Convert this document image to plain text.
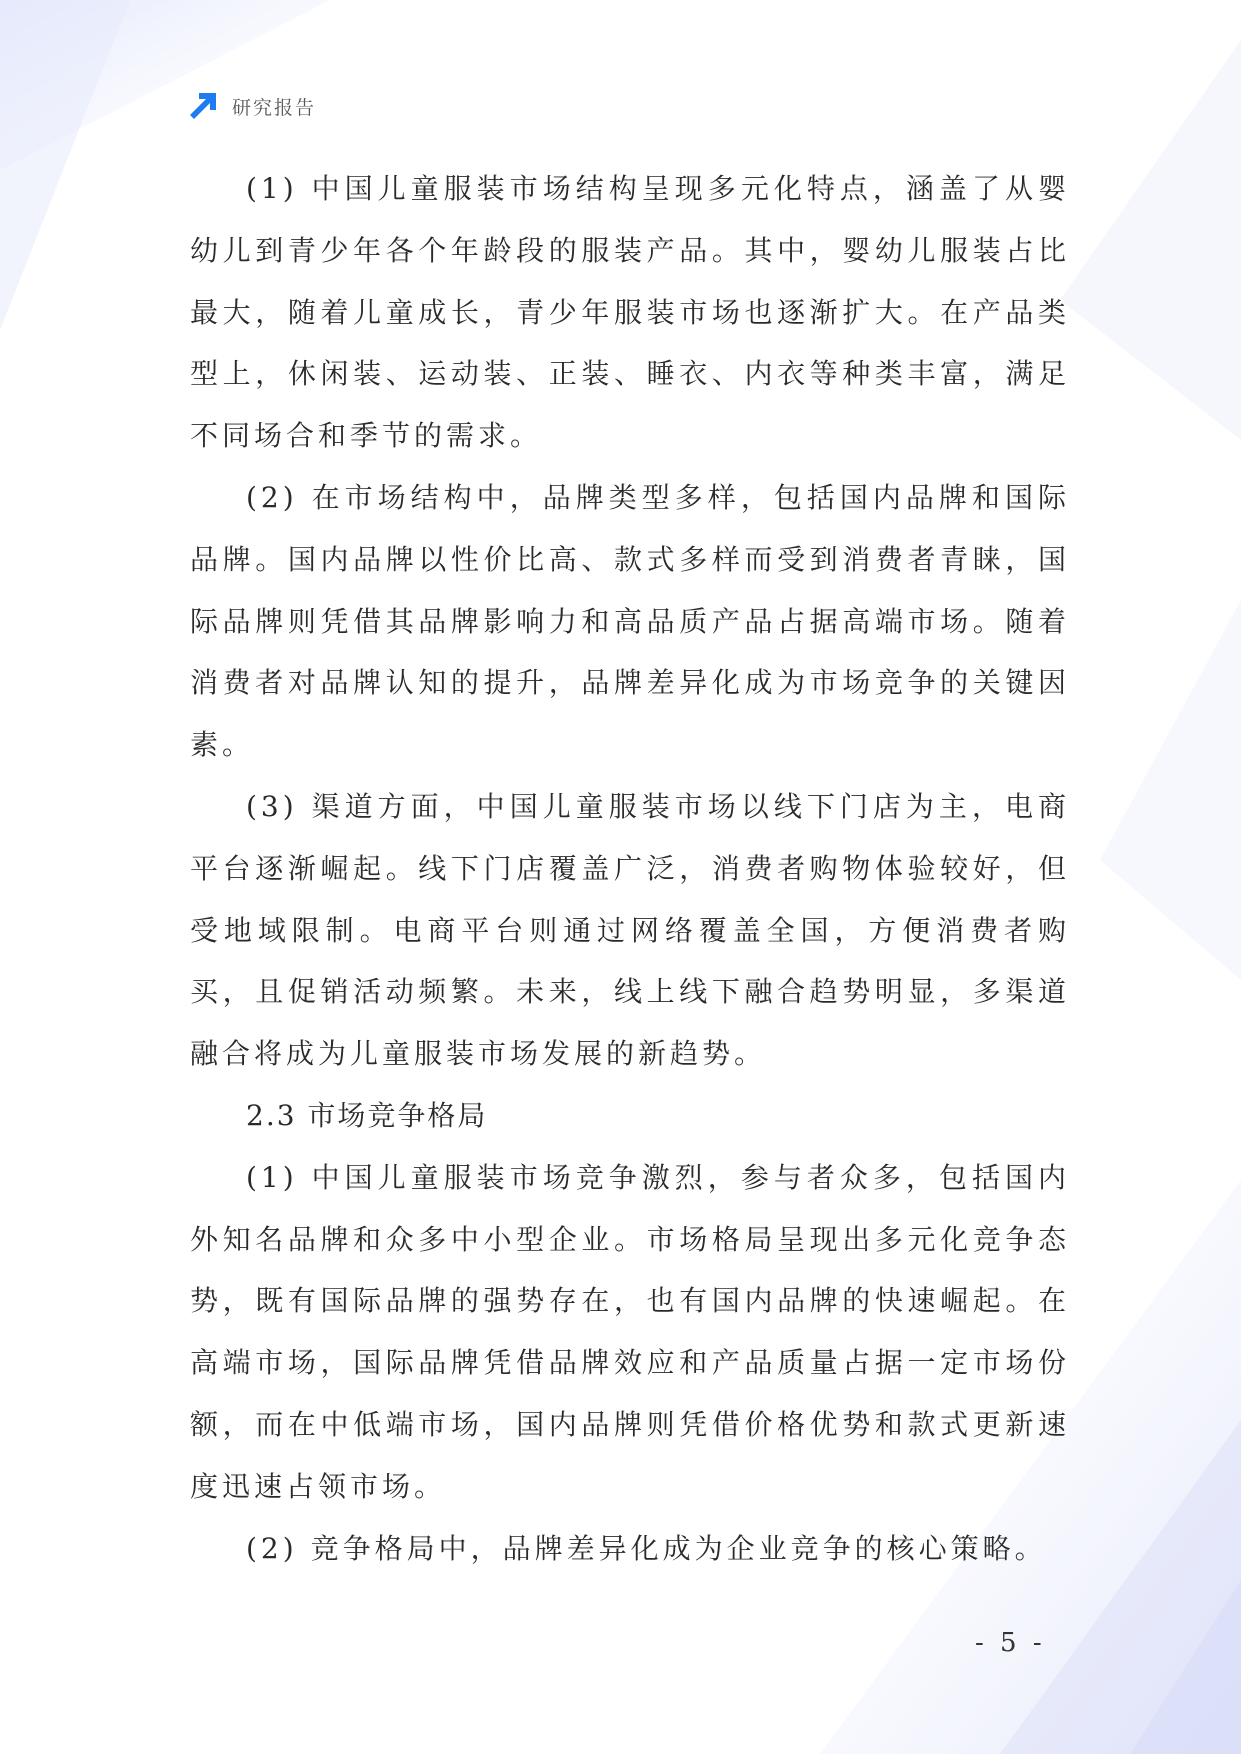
研究报告

(1) 中国儿童服装市场结构呈现多元化特点，涵盖了从婴幼儿到青少年各个年龄段的服装产品。其中，婴幼儿服装占比最大，随着儿童成长，青少年服装市场也逐渐扩大。在产品类型上，休闲装、运动装、正装、睡衣、内衣等种类丰富，满足不同场合和季节的需求。

(2) 在市场结构中，品牌类型多样，包括国内品牌和国际品牌。国内品牌以性价比高、款式多样而受到消费者青睐，国际品牌则凭借其品牌影响力和高品质产品占据高端市场。随着消费者对品牌认知的提升，品牌差异化成为市场竞争的关键因素。

(3) 渠道方面，中国儿童服装市场以线下门店为主，电商平台逐渐崛起。线下门店覆盖广泛，消费者购物体验较好，但受地域限制。电商平台则通过网络覆盖全国，方便消费者购买，且促销活动频繁。未来，线上线下融合趋势明显，多渠道融合将成为儿童服装市场发展的新趋势。

2.3 市场竞争格局

(1) 中国儿童服装市场竞争激烈，参与者众多，包括国内外知名品牌和众多中小型企业。市场格局呈现出多元化竞争态势，既有国际品牌的强势存在，也有国内品牌的快速崛起。在高端市场，国际品牌凭借品牌效应和产品质量占据一定市场份额，而在中低端市场，国内品牌则凭借价格优势和款式更新速度迅速占领市场。

(2) 竞争格局中，品牌差异化成为企业竞争的核心策略。

- 5 -
